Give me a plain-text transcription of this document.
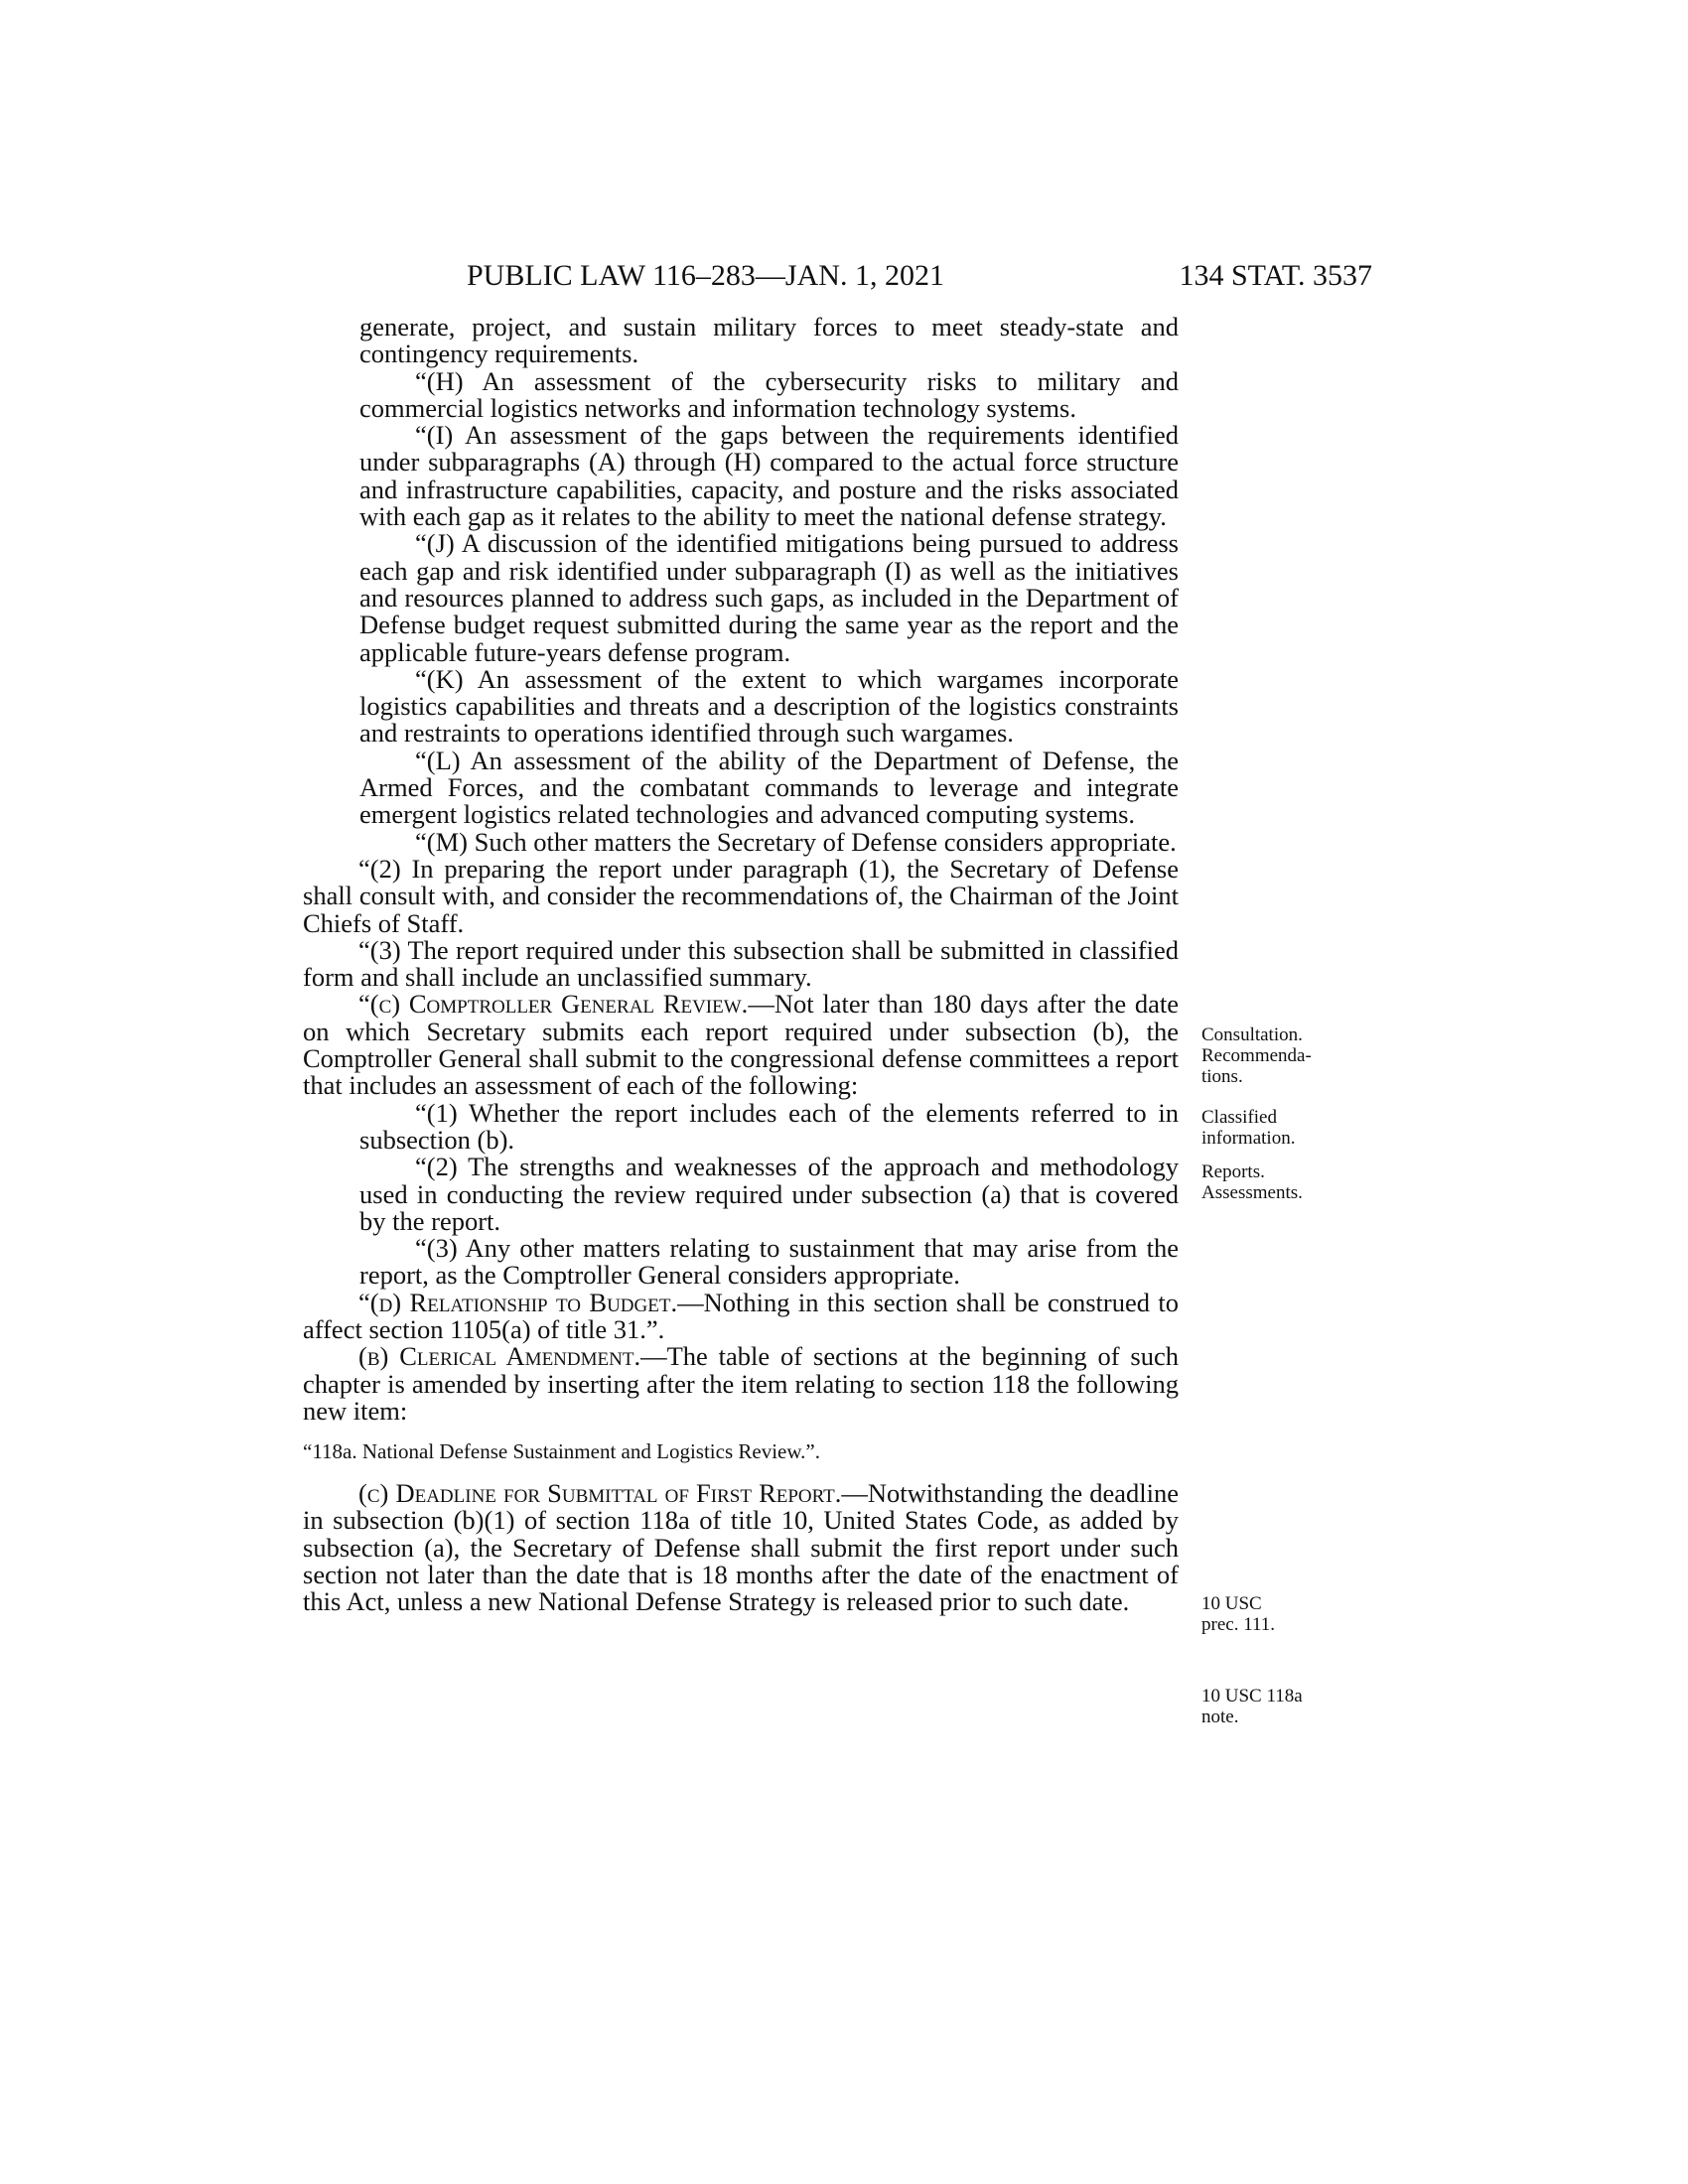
PUBLIC LAW 116–283—JAN. 1, 2021	134 STAT. 3537

generate, project, and sustain military forces to meet steady-state and contingency requirements.

“(H) An assessment of the cybersecurity risks to military and commercial logistics networks and information technology systems.

“(I) An assessment of the gaps between the requirements identified under subparagraphs (A) through (H) compared to the actual force structure and infrastructure capabilities, capacity, and posture and the risks associated with each gap as it relates to the ability to meet the national defense strategy.

“(J) A discussion of the identified mitigations being pursued to address each gap and risk identified under subparagraph (I) as well as the initiatives and resources planned to address such gaps, as included in the Department of Defense budget request submitted during the same year as the report and the applicable future-years defense program.

“(K) An assessment of the extent to which wargames incorporate logistics capabilities and threats and a description of the logistics constraints and restraints to operations identified through such wargames.

“(L) An assessment of the ability of the Department of Defense, the Armed Forces, and the combatant commands to leverage and integrate emergent logistics related technologies and advanced computing systems.

“(M) Such other matters the Secretary of Defense considers appropriate.

“(2) In preparing the report under paragraph (1), the Secretary of Defense shall consult with, and consider the recommendations of, the Chairman of the Joint Chiefs of Staff.

“(3) The report required under this subsection shall be submitted in classified form and shall include an unclassified summary.

“(c) Comptroller General Review.—Not later than 180 days after the date on which Secretary submits each report required under subsection (b), the Comptroller General shall submit to the congressional defense committees a report that includes an assessment of each of the following:

“(1) Whether the report includes each of the elements referred to in subsection (b).

“(2) The strengths and weaknesses of the approach and methodology used in conducting the review required under subsection (a) that is covered by the report.

“(3) Any other matters relating to sustainment that may arise from the report, as the Comptroller General considers appropriate.

“(d) Relationship to Budget.—Nothing in this section shall be construed to affect section 1105(a) of title 31.”.

(b) Clerical Amendment.—The table of sections at the beginning of such chapter is amended by inserting after the item relating to section 118 the following new item:

“118a. National Defense Sustainment and Logistics Review.”.

(c) Deadline for Submittal of First Report.—Notwithstanding the deadline in subsection (b)(1) of section 118a of title 10, United States Code, as added by subsection (a), the Secretary of Defense shall submit the first report under such section not later than the date that is 18 months after the date of the enactment of this Act, unless a new National Defense Strategy is released prior to such date.

Consultation.
Recommenda-
tions.
Classified
information.
Reports.
Assessments.
10 USC
prec. 111.
10 USC 118a
note.
